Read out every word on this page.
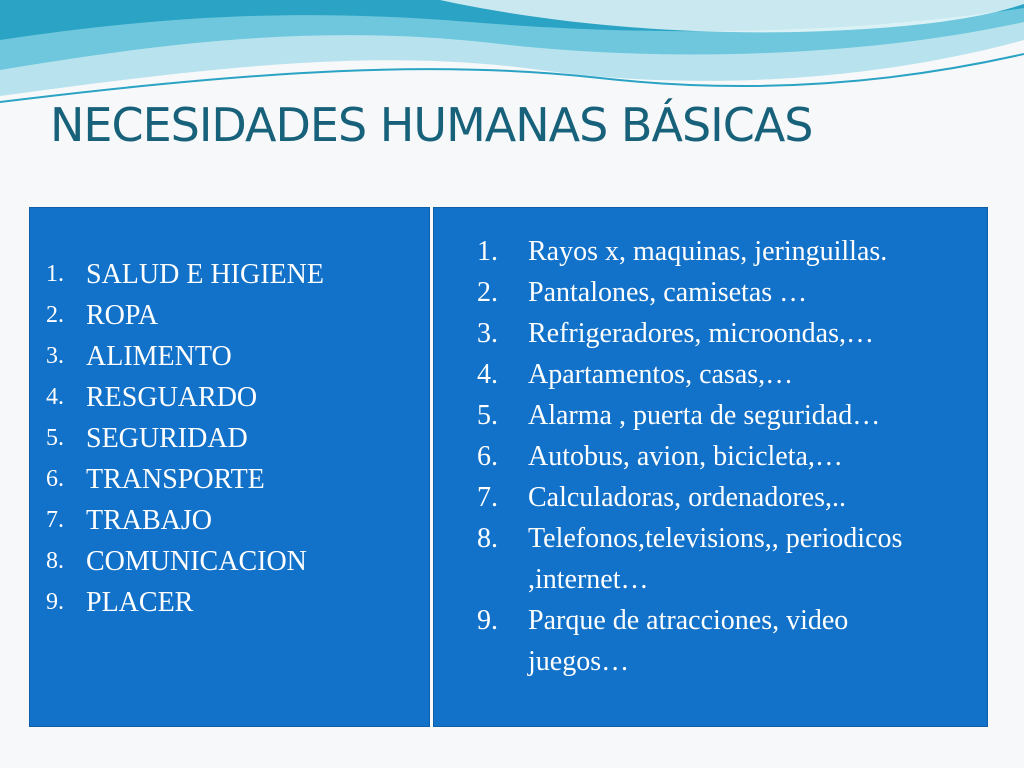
NECESIDADES HUMANAS BÁSICAS
1. SALUD E HIGIENE
2. ROPA
3. ALIMENTO
4. RESGUARDO
5. SEGURIDAD
6. TRANSPORTE
7. TRABAJO
8. COMUNICACION
9. PLACER
1.	Rayos x, maquinas, jeringuillas.
2.	Pantalones, camisetas …
3.	Refrigeradores, microondas,…
4.	Apartamentos, casas,…
5.	Alarma , puerta de seguridad…
6.	Autobus, avion, bicicleta,…
7.	Calculadoras, ordenadores,..
8.	Telefonos,televisions,, periodicos
,internet…
9.	Parque de atracciones, video
juegos…
